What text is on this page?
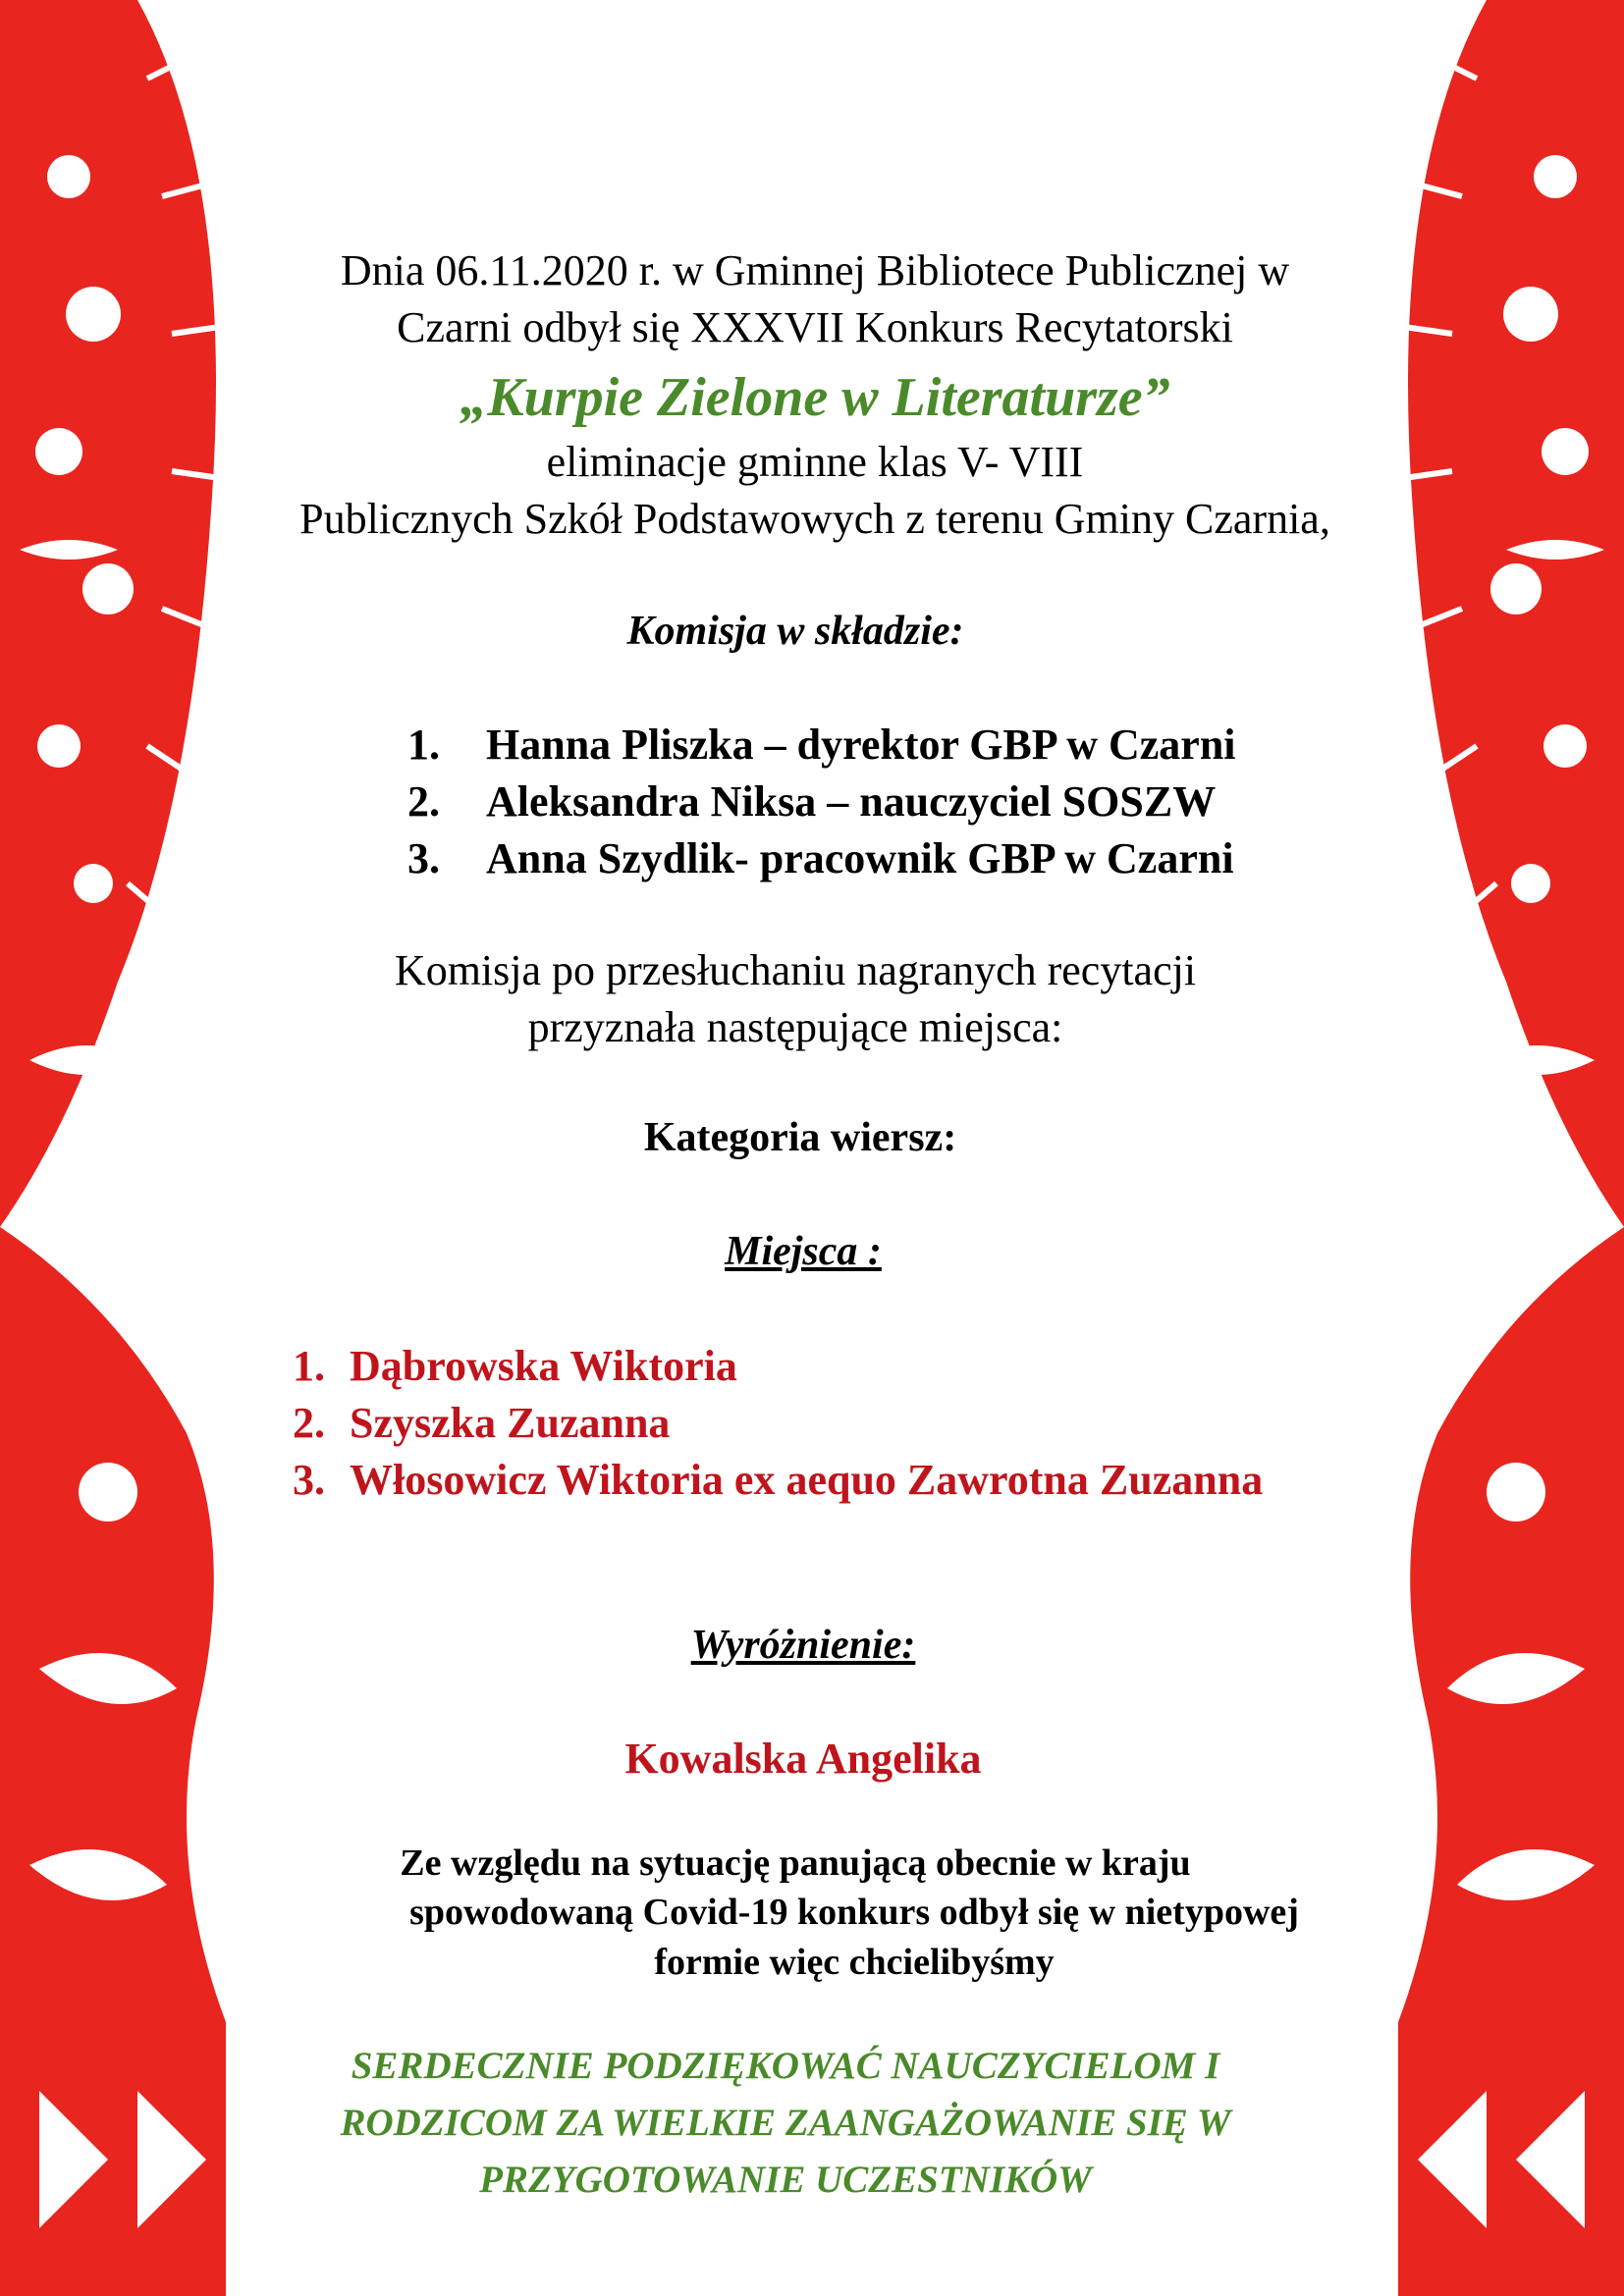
Dnia 06.11.2020 r. w Gminnej Bibliotece Publicznej w
Czarni odbył się XXXVII Konkurs Recytatorski
„Kurpie Zielone w Literaturze”
eliminacje gminne klas V- VIII
Publicznych Szkół Podstawowych z terenu Gminy Czarnia,
Komisja w składzie:
1. Hanna Pliszka – dyrektor GBP w Czarni
2. Aleksandra Niksa – nauczyciel SOSZW
3. Anna Szydlik- pracownik GBP w Czarni
Komisja po przesłuchaniu nagranych recytacji
przyznała następujące miejsca:
Kategoria wiersz:
Miejsca :
1. Dąbrowska Wiktoria
2. Szyszka Zuzanna
3. Włosowicz Wiktoria ex aequo Zawrotna Zuzanna
Wyróżnienie:
Kowalska Angelika
Ze względu na sytuację panującą obecnie w kraju
spowodowaną Covid-19 konkurs odbył się w nietypowej
formie więc chcielibyśmy
SERDECZNIE PODZIĘKOWAĆ NAUCZYCIELOM I
RODZICOM ZA WIELKIE ZAANGAŻOWANIE SIĘ W
PRZYGOTOWANIE UCZESTNIKÓW
